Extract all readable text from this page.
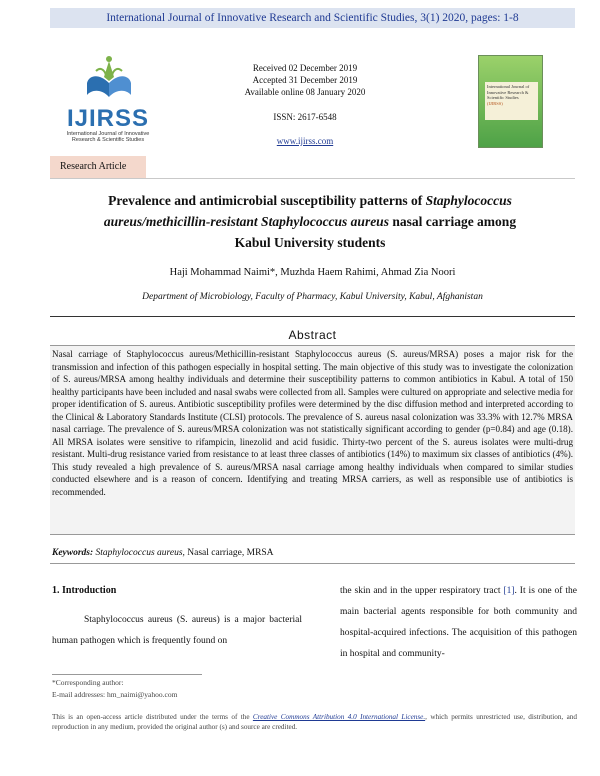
International Journal of Innovative Research and Scientific Studies, 3(1) 2020, pages: 1-8
IJIRSS
International Journal of Innovative Research & Scientific Studies
Received 02 December 2019
Accepted 31 December 2019
Available online 08 January 2020
ISSN: 2617-6548
www.ijirss.com
International Journal of Innovative Research & Scientific Studies
(IJIRSS)
Research Article
Prevalence and antimicrobial susceptibility patterns of Staphylococcus aureus/methicillin-resistant Staphylococcus aureus nasal carriage among Kabul University students
Haji Mohammad Naimi*, Muzhda Haem Rahimi, Ahmad Zia Noori
Department of Microbiology, Faculty of Pharmacy, Kabul University, Kabul, Afghanistan
Abstract
Nasal carriage of Staphylococcus aureus/Methicillin-resistant Staphylococcus aureus (S. aureus/MRSA) poses a major risk for the transmission and infection of this pathogen especially in hospital setting. The main objective of this study was to investigate the colonization of S. aureus/MRSA among healthy individuals and determine their susceptibility patterns to common antibiotics in Kabul. A total of 150 healthy participants have been included and nasal swabs were collected from all. Samples were cultured on appropriate and selective media for proper identification of S. aureus. Antibiotic susceptibility profiles were determined by the disc diffusion method and interpreted according to the Clinical & Laboratory Standards Institute (CLSI) protocols. The prevalence of S. aureus nasal colonization was 33.3% with 12.7% MRSA nasal carriage. The prevalence of S. aureus/MRSA colonization was not statistically significant according to gender (p=0.84) and age (0.18). All MRSA isolates were sensitive to rifampicin, linezolid and acid fusidic. Thirty-two percent of the S. aureus isolates were multi-drug resistant. Multi-drug resistance varied from resistance to at least three classes of antibiotics (14%) to maximum six classes of antibiotics (4%). This study revealed a high prevalence of S. aureus/MRSA nasal carriage among healthy individuals when compared to similar studies conducted elsewhere and is a reason of concern. Identifying and treating MRSA carriers, as well as responsible use of antibiotics is recommended.
Keywords: Staphylococcus aureus, Nasal carriage, MRSA
1. Introduction
Staphylococcus aureus (S. aureus) is a major bacterial human pathogen which is frequently found on
the skin and in the upper respiratory tract [1]. It is one of the main bacterial agents responsible for both community and hospital-acquired infections. The acquisition of this pathogen in hospital and community-
*Corresponding author:
E-mail addresses: hm_naimi@yahoo.com
This is an open-access article distributed under the terms of the Creative Commons Attribution 4.0 International License., which permits unrestricted use, distribution, and reproduction in any medium, provided the original author (s) and source are credited.
